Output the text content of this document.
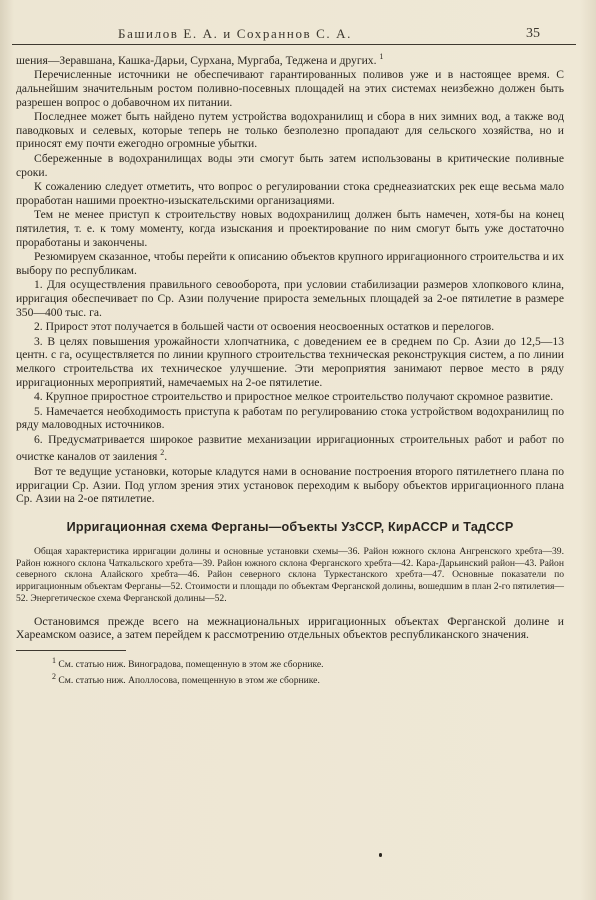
Башилов Е. А. и Сохраннов С. А.	35

шения—Зеравшана, Кашка-Дарьи, Сурхана, Мургаба, Теджена и других. $^1$

Перечисленные источники не обеспечивают гарантированных поливов уже и в настоящее время. С дальнейшим значительным ростом поливно-посевных площадей на этих системах неизбежно должен быть разрешен вопрос о добавочном их питании.

Последнее может быть найдено путем устройства водохранилищ и сбора в них зимних вод, а также вод паводковых и селевых, которые теперь не только безполезно пропадают для сельского хозяйства, но и приносят ему почти ежегодно огромные убытки.

Сбереженные в водохранилищах воды эти смогут быть затем использованы в критические поливные сроки.

К сожалению следует отметить, что вопрос о регулировании стока среднеазиатских рек еще весьма мало проработан нашими проектно-изыскательскими организациями.

Тем не менее приступ к строительству новых водохранилищ должен быть намечен, хотя-бы на конец пятилетия, т. е. к тому моменту, когда изыскания и проектирование по ним смогут быть уже достаточно проработаны и закончены.

Резюмируем сказанное, чтобы перейти к описанию объектов крупного ирригационного строительства и их выбору по республикам.

1. Для осуществления правильного севооборота, при условии стабилизации размеров хлопкового клина, ирригация обеспечивает по Ср. Азии получение прироста земельных площадей за 2-ое пятилетие в размере 350—400 тыс. га.

2. Прирост этот получается в большей части от освоения неосвоенных остатков и перелогов.

3. В целях повышения урожайности хлопчатника, с доведением ее в среднем по Ср. Азии до 12,5—13 центн. с га, осуществляется по линии крупного строительства техническая реконструкция систем, а по линии мелкого строительства их техническое улучшение. Эти мероприятия занимают первое место в ряду ирригационных мероприятий, намечаемых на 2-ое пятилетие.

4. Крупное приростное строительство и приростное мелкое строительство получают скромное развитие.

5. Намечается необходимость приступа к работам по регулированию стока устройством водохранилищ по ряду маловодных источников.

6. Предусматривается широкое развитие механизации ирригационных строительных работ и работ по очистке каналов от заиления $^2$.

Вот те ведущие установки, которые кладутся нами в основание построения второго пятилетнего плана по ирригации Ср. Азии. Под углом зрения этих установок переходим к выбору объектов ирригационного плана Ср. Азии на 2-ое пятилетие.

Ирригационная схема Ферганы—объекты УзССР, КирАССР и ТадССР

Общая характеристика ирригации долины и основные установки схемы—36. Район южного склона Ангренского хребта—39. Район южного склона Чаткальского хребта—39. Район южного склона Ферганского хребта—42. Кара-Дарьинский район—43. Район северного склона Алайского хребта—46. Район северного склона Туркестанского хребта—47. Основные показатели по ирригационным объектам Ферганы—52. Стоимости и площади по объектам Ферганской долины, вошедшим в план 2-го пятилетия—52. Энергетическое схема Ферганской долины—52.

Остановимся прежде всего на межнациональных ирригационных объектах Ферганской долине и Хареамском оазисе, а затем перейдем к рассмотрению отдельных объектов республиканского значения.

$^1$ См. статью ниж. Виноградова, помещенную в этом же сборнике.

$^2$ См. статью ниж. Аполлосова, помещенную в этом же сборнике.
